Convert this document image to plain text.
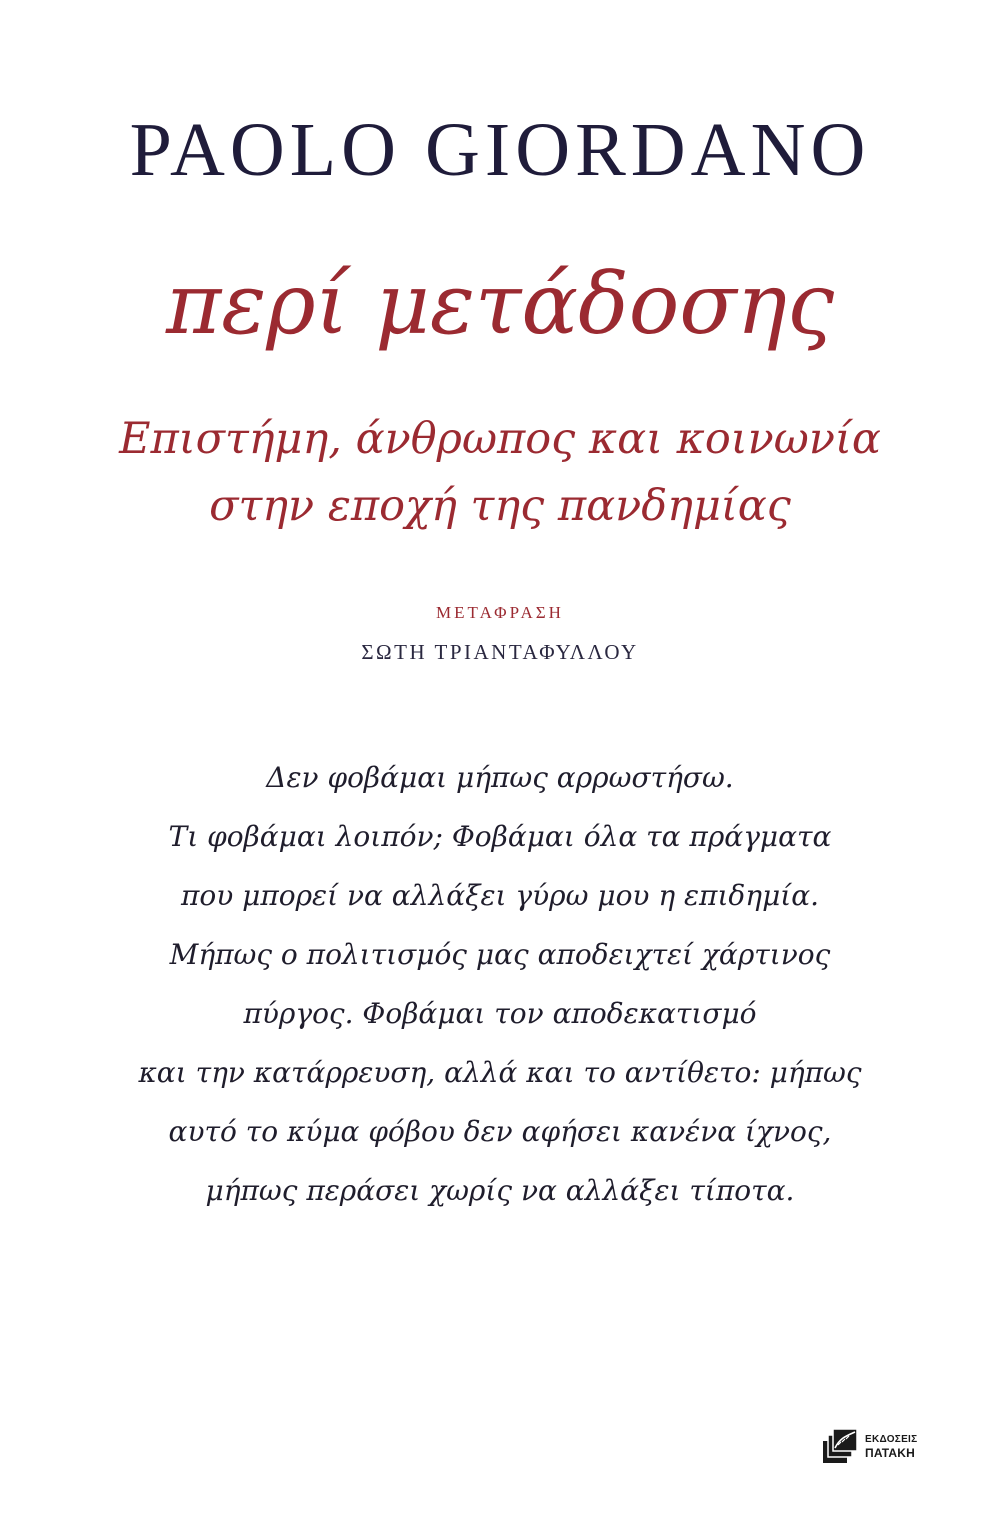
PAOLO GIORDANO
περί μετάδοσης
Επιστήμη, άνθρωπος και κοινωνία
στην εποχή της πανδημίας
ΜΕΤΑΦΡΑΣΗ
ΣΩΤΗ ΤΡΙΑΝΤΑΦΥΛΛΟΥ
Δεν φοβάμαι μήπως αρρωστήσω.
Τι φοβάμαι λοιπόν; Φοβάμαι όλα τα πράγματα
που μπορεί να αλλάξει γύρω μου η επιδημία.
Μήπως ο πολιτισμός μας αποδειχτεί χάρτινος
πύργος. Φοβάμαι τον αποδεκατισμό
και την κατάρρευση, αλλά και το αντίθετο: μήπως
αυτό το κύμα φόβου δεν αφήσει κανένα ίχνος,
μήπως περάσει χωρίς να αλλάξει τίποτα.
ΕΚΔΟΣΕΙΣ
ΠΑΤΑΚΗ
